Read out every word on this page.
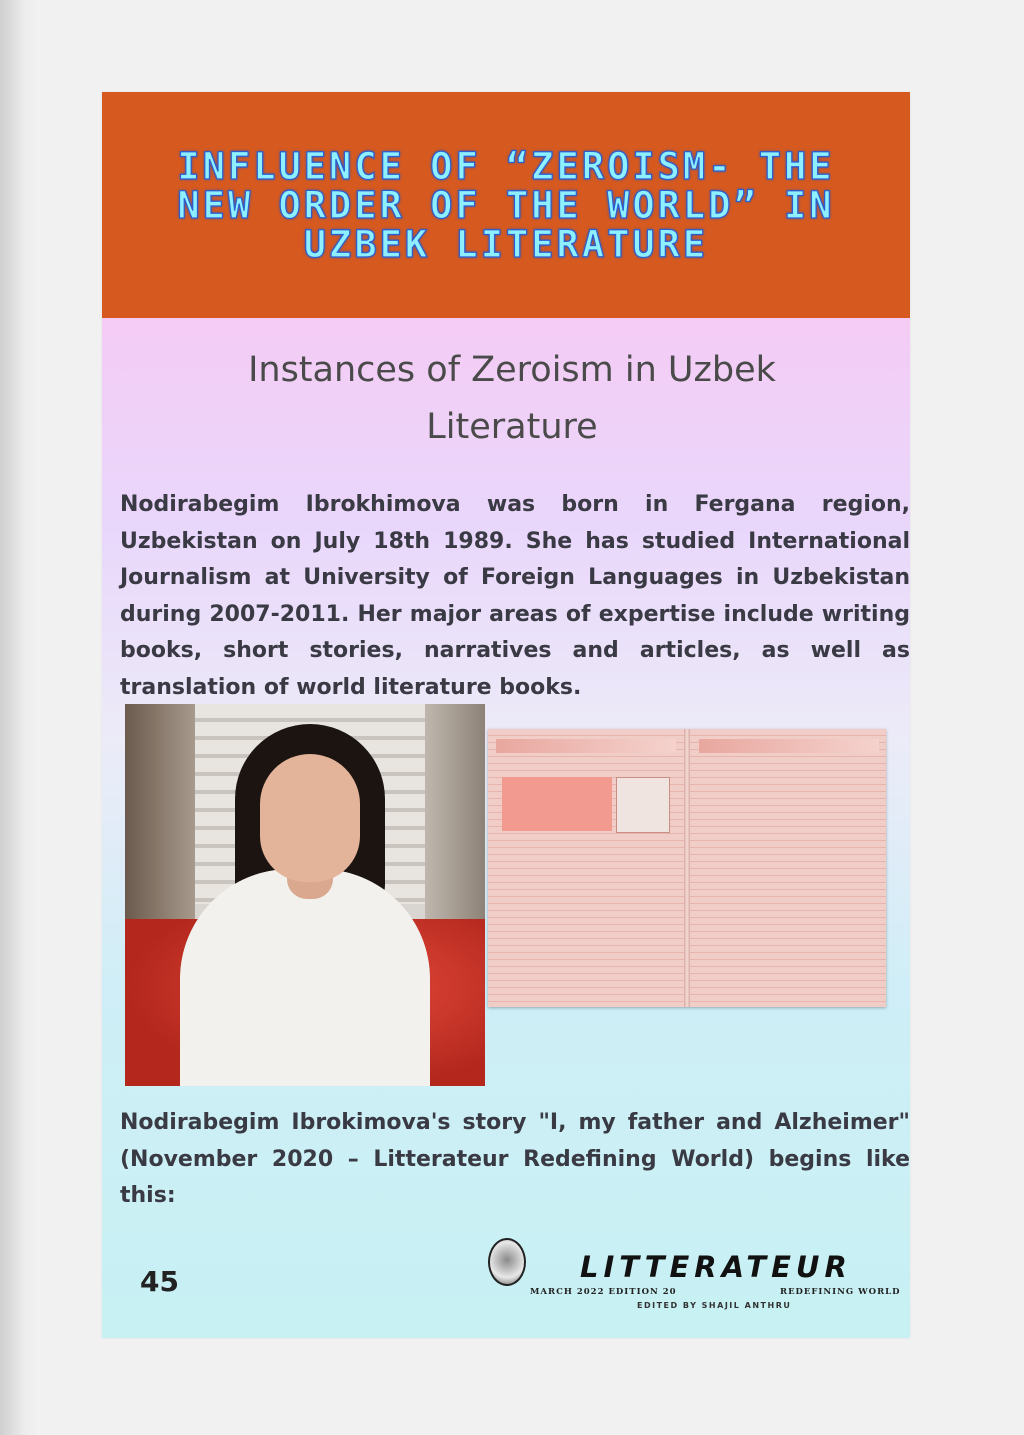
INFLUENCE OF “ZEROISM- THE NEW ORDER OF THE WORLD” IN UZBEK LITERATURE
Instances of Zeroism in Uzbek Literature
Nodirabegim Ibrokhimova was born in Fergana region, Uzbekistan on July 18th 1989. She has studied International Journalism at University of Foreign Languages in Uzbekistan during 2007-2011. Her major areas of expertise include writing books, short stories, narratives and articles, as well as translation of world literature books.
Nodirabegim Ibrokimova's story "I, my father and Alzheimer" (November 2020 – Litterateur Redefining World) begins like this:
45	LITTERATEUR
MARCH 2022 EDITION 20	REDEFINING WORLD
EDITED BY SHAJIL ANTHRU
